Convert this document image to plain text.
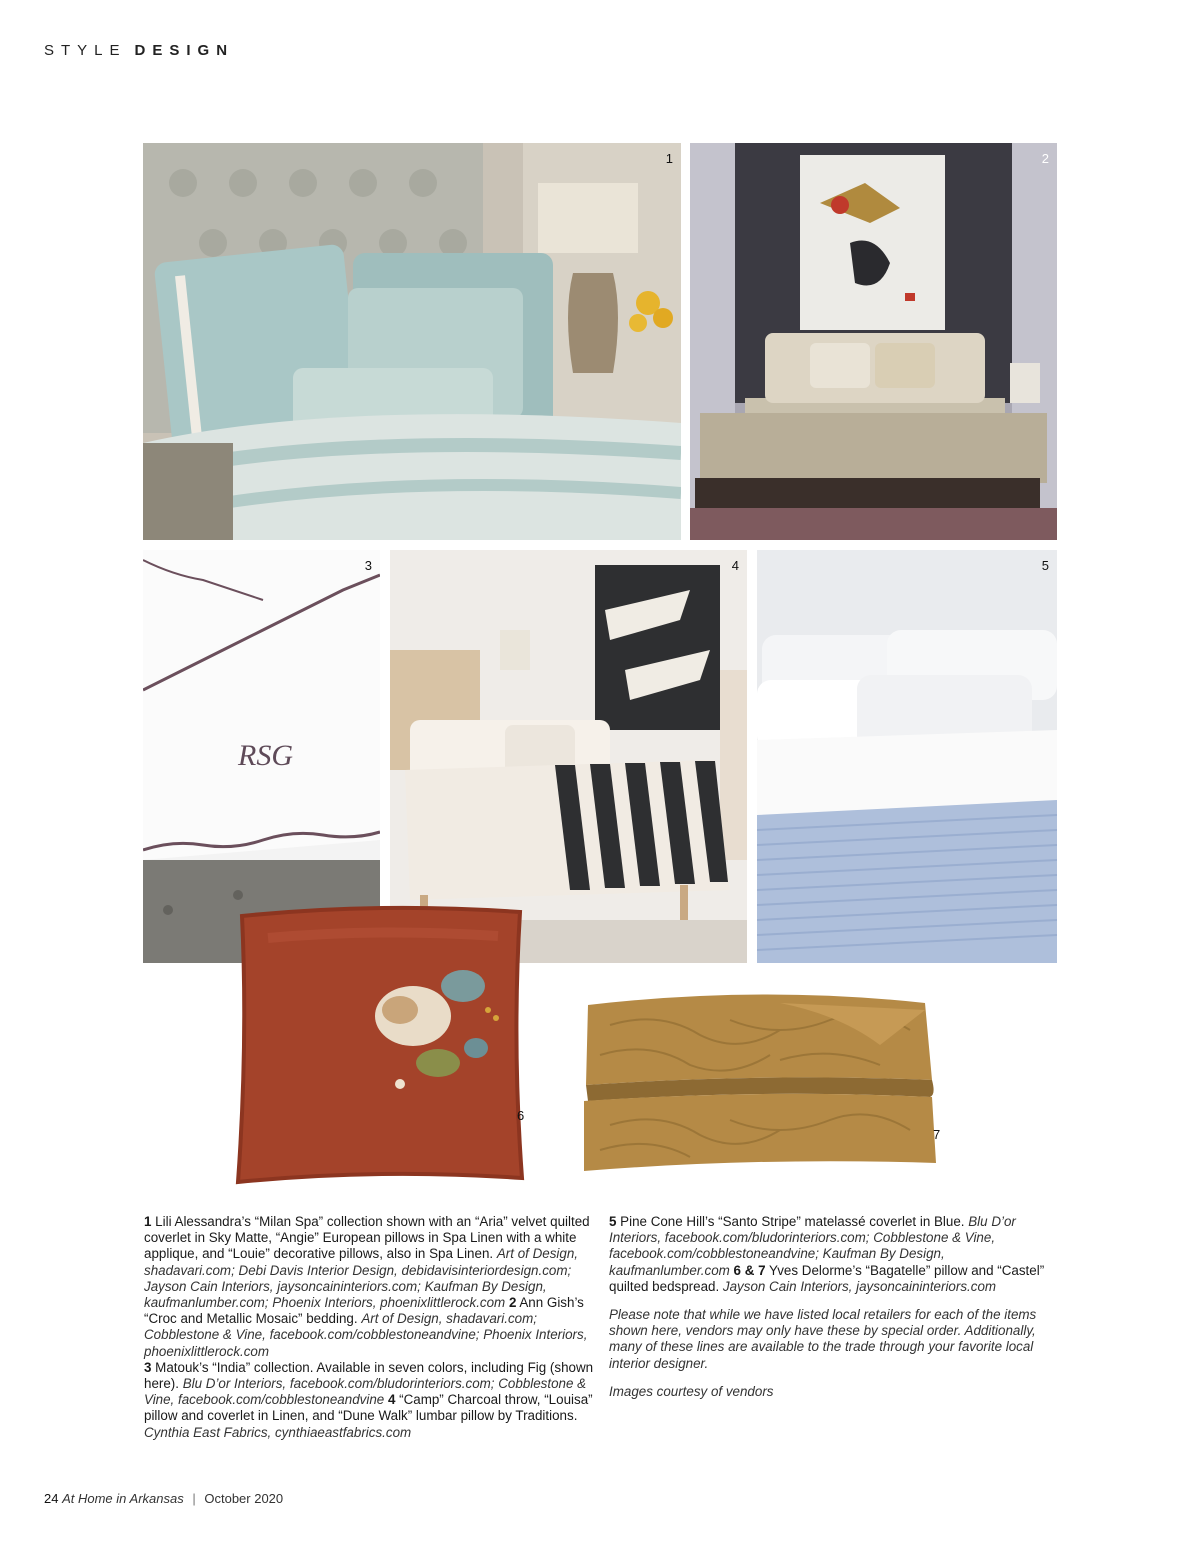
STYLE DESIGN
1	2
RSG
3	4	5
6
7

1 Lili Alessandra’s “Milan Spa” collection shown with an “Aria” velvet quilted coverlet in Sky Matte, “Angie” European pillows in Spa Linen with a white applique, and “Louie” decorative pillows, also in Spa Linen. Art of Design, shadavari.com; Debi Davis Interior Design, debidavisinteriordesign.com; Jayson Cain Interiors, jaysoncaininteriors.com; Kaufman By Design, kaufmanlumber.com; Phoenix Interiors, phoenixlittlerock.com 2 Ann Gish’s “Croc and Metallic Mosaic” bedding. Art of Design, shadavari.com; Cobblestone & Vine, facebook.com/cobblestoneandvine; Phoenix Interiors, phoenixlittlerock.com
3 Matouk’s “India” collection. Available in seven colors, including Fig (shown here). Blu D’or Interiors, facebook.com/bludorinteriors.com; Cobblestone & Vine, facebook.com/cobblestoneandvine 4 “Camp” Charcoal throw, “Louisa” pillow and coverlet in Linen, and “Dune Walk” lumbar pillow by Traditions. Cynthia East Fabrics, cynthiaeastfabrics.com

5 Pine Cone Hill’s “Santo Stripe” matelassé coverlet in Blue. Blu D’or Interiors, facebook.com/bludorinteriors.com; Cobblestone & Vine, facebook.com/cobblestoneandvine; Kaufman By Design, kaufmanlumber.com 6 & 7 Yves Delorme’s “Bagatelle” pillow and “Castel” quilted bedspread. Jayson Cain Interiors, jaysoncaininteriors.com

Please note that while we have listed local retailers for each of the items shown here, vendors may only have these by special order. Additionally, many of these lines are available to the trade through your favorite local interior designer.

Images courtesy of vendors

24 At Home in Arkansas | October 2020
